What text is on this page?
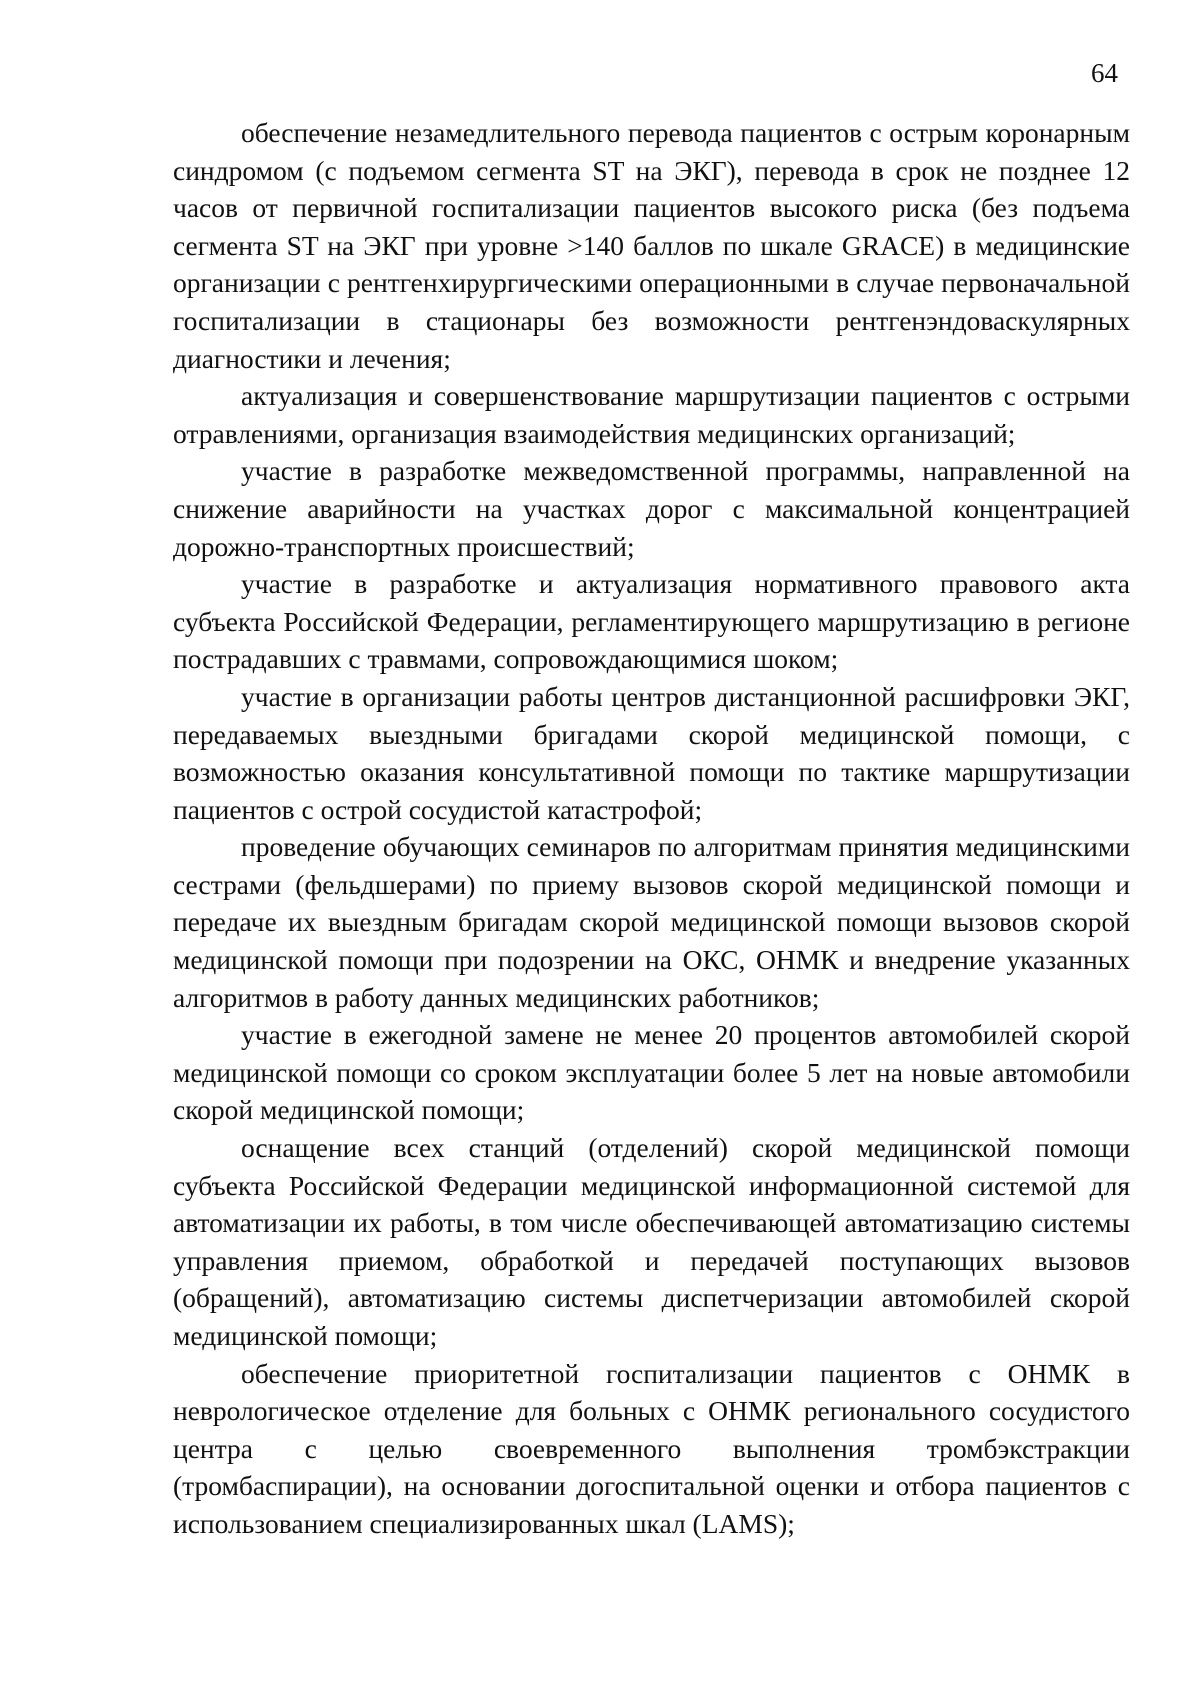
64

обеспечение незамедлительного перевода пациентов с острым коронарным синдромом (с подъемом сегмента ST на ЭКГ), перевода в срок не позднее 12 часов от первичной госпитализации пациентов высокого риска (без подъема сегмента ST на ЭКГ при уровне >140 баллов по шкале GRACE) в медицинские организации с рентгенхирургическими операционными в случае первоначальной госпитализации в стационары без возможности рентгенэндоваскулярных диагностики и лечения;

актуализация и совершенствование маршрутизации пациентов с острыми отравлениями, организация взаимодействия медицинских организаций;

участие в разработке межведомственной программы, направленной на снижение аварийности на участках дорог с максимальной концентрацией дорожно-транспортных происшествий;

участие в разработке и актуализация нормативного правового акта субъекта Российской Федерации, регламентирующего маршрутизацию в регионе пострадавших с травмами, сопровождающимися шоком;

участие в организации работы центров дистанционной расшифровки ЭКГ, передаваемых выездными бригадами скорой медицинской помощи, с возможностью оказания консультативной помощи по тактике маршрутизации пациентов с острой сосудистой катастрофой;

проведение обучающих семинаров по алгоритмам принятия медицинскими сестрами (фельдшерами) по приему вызовов скорой медицинской помощи и передаче их выездным бригадам скорой медицинской помощи вызовов скорой медицинской помощи при подозрении на ОКС, ОНМК и внедрение указанных алгоритмов в работу данных медицинских работников;

участие в ежегодной замене не менее 20 процентов автомобилей скорой медицинской помощи со сроком эксплуатации более 5 лет на новые автомобили скорой медицинской помощи;

оснащение всех станций (отделений) скорой медицинской помощи субъекта Российской Федерации медицинской информационной системой для автоматизации их работы, в том числе обеспечивающей автоматизацию системы управления приемом, обработкой и передачей поступающих вызовов (обращений), автоматизацию системы диспетчеризации автомобилей скорой медицинской помощи;

обеспечение приоритетной госпитализации пациентов с ОНМК в неврологическое отделение для больных с ОНМК регионального сосудистого центра с целью своевременного выполнения тромбэкстракции (тромбаспирации), на основании догоспитальной оценки и отбора пациентов с использованием специализированных шкал (LAMS);
